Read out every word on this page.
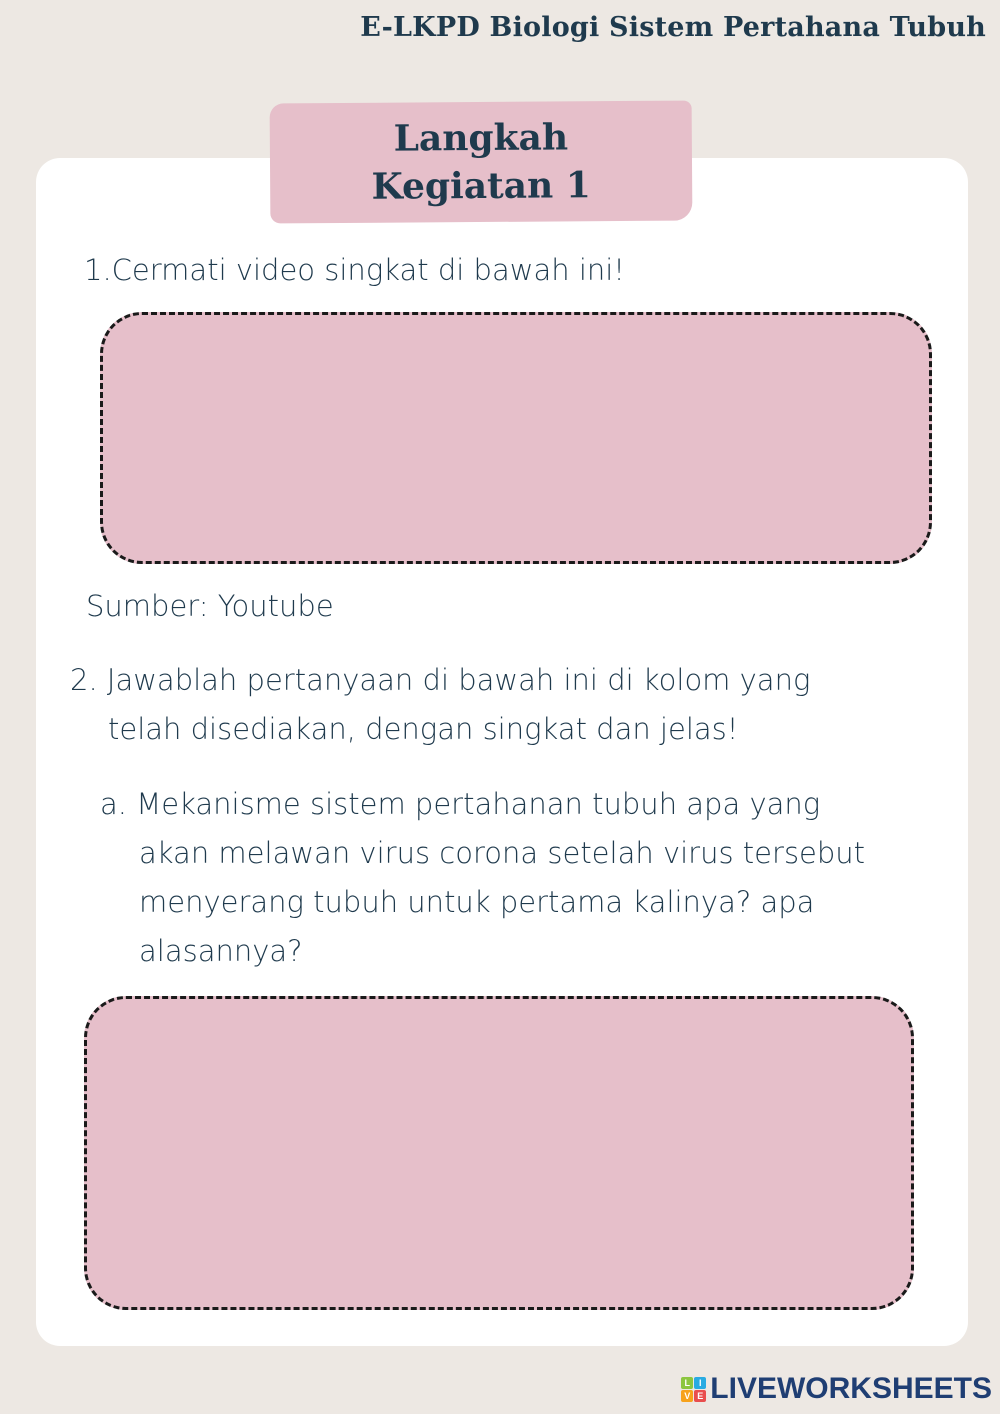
E-LKPD Biologi Sistem Pertahana Tubuh
Langkah
Kegiatan 1
1.Cermati video singkat di bawah ini!
Sumber: Youtube
2. Jawablah pertanyaan di bawah ini di kolom yang
telah disediakan, dengan singkat dan jelas!
a. Mekanisme sistem pertahanan tubuh apa yang
akan melawan virus corona setelah virus tersebut
menyerang tubuh untuk pertama kalinya? apa
alasannya?
L I
V E LIVEWORKSHEETS
